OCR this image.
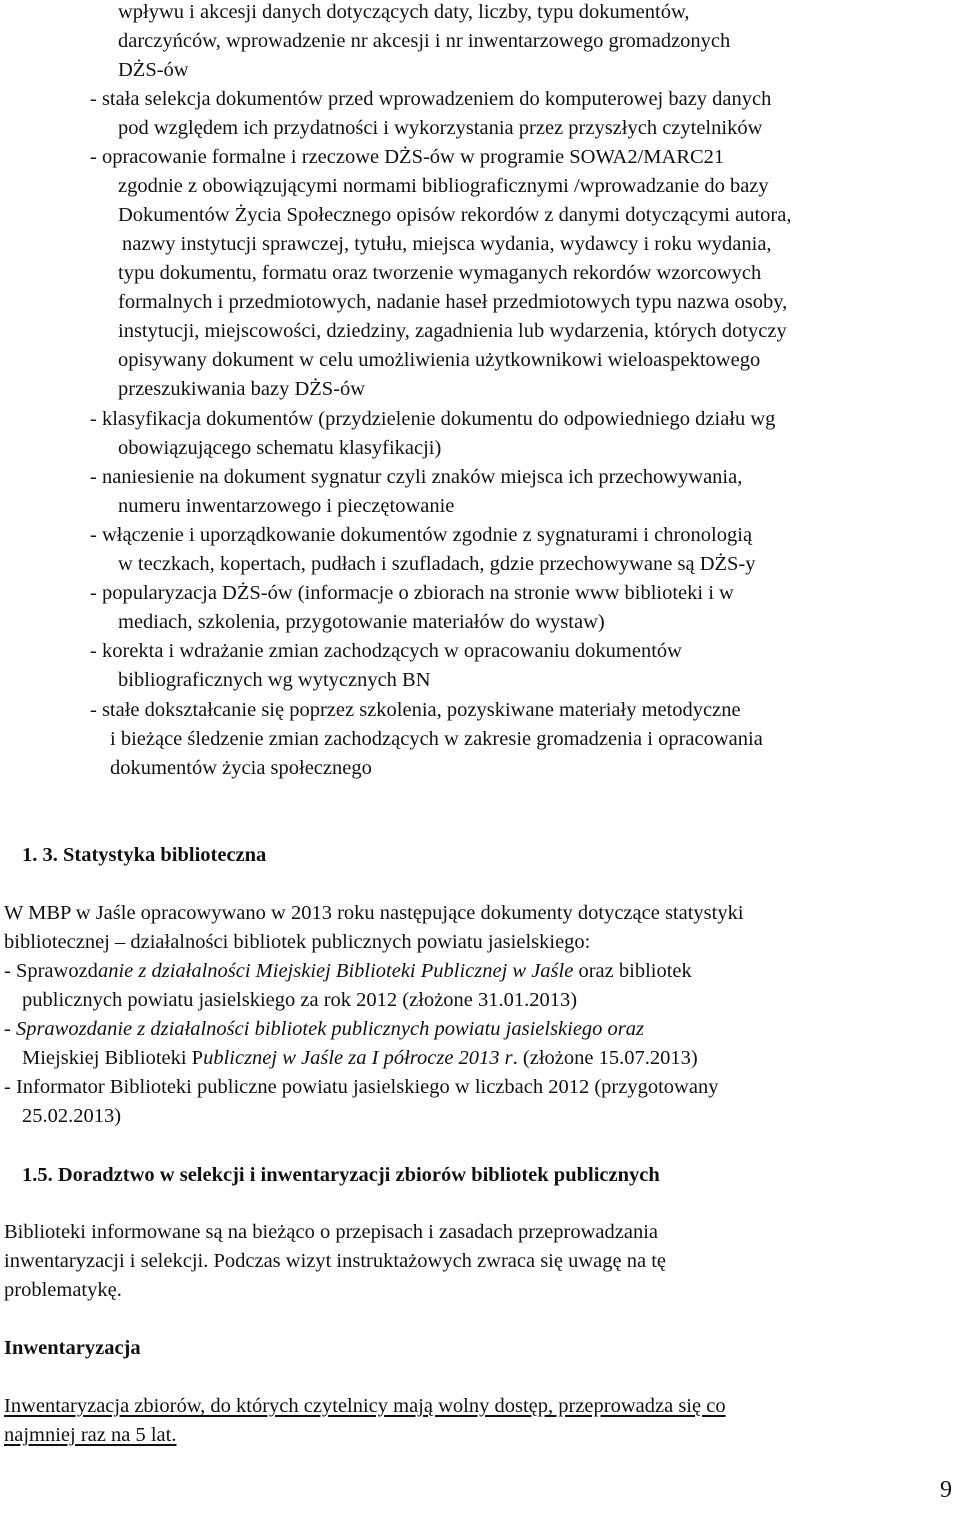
wpływu i akcesji danych dotyczących daty, liczby, typu dokumentów,

darczyńców, wprowadzenie nr akcesji i nr inwentarzowego gromadzonych

DŻS-ów

- stała selekcja dokumentów przed wprowadzeniem do komputerowej bazy danych

pod względem ich przydatności i wykorzystania przez przyszłych czytelników

- opracowanie formalne i rzeczowe DŻS-ów w programie SOWA2/MARC21

zgodnie z obowiązującymi normami bibliograficznymi /wprowadzanie do bazy

Dokumentów Życia Społecznego opisów rekordów z danymi dotyczącymi autora,

nazwy instytucji sprawczej, tytułu, miejsca wydania, wydawcy i roku wydania,

typu dokumentu, formatu oraz tworzenie wymaganych rekordów wzorcowych

formalnych i przedmiotowych, nadanie haseł przedmiotowych typu nazwa osoby,

instytucji, miejscowości, dziedziny, zagadnienia lub wydarzenia, których dotyczy

opisywany dokument w celu umożliwienia użytkownikowi wieloaspektowego

przeszukiwania bazy DŻS-ów

- klasyfikacja dokumentów (przydzielenie dokumentu do odpowiedniego działu wg

obowiązującego schematu klasyfikacji)

- naniesienie na dokument sygnatur czyli znaków miejsca ich przechowywania,

numeru inwentarzowego i pieczętowanie

- włączenie i uporządkowanie dokumentów zgodnie z sygnaturami i chronologią

w teczkach, kopertach, pudłach i szufladach, gdzie przechowywane są DŻS-y

- popularyzacja DŻS-ów (informacje o zbiorach na stronie www biblioteki i w

mediach, szkolenia, przygotowanie materiałów do wystaw)

- korekta i wdrażanie zmian zachodzących w opracowaniu dokumentów

bibliograficznych wg wytycznych BN

- stałe dokształcanie się poprzez szkolenia, pozyskiwane materiały metodyczne

i bieżące śledzenie zmian zachodzących w zakresie gromadzenia i opracowania

dokumentów życia społecznego

1. 3. Statystyka biblioteczna

W MBP w Jaśle opracowywano w 2013 roku następujące dokumenty dotyczące statystyki

bibliotecznej – działalności bibliotek publicznych powiatu jasielskiego:

- Sprawozdanie z działalności Miejskiej Biblioteki Publicznej w Jaśle oraz bibliotek

publicznych powiatu jasielskiego za rok 2012 (złożone 31.01.2013)

- Sprawozdanie z działalności bibliotek publicznych powiatu jasielskiego oraz

Miejskiej Biblioteki Publicznej w Jaśle za I półrocze 2013 r. (złożone 15.07.2013)

- Informator Biblioteki publiczne powiatu jasielskiego w liczbach 2012 (przygotowany

25.02.2013)

1.5. Doradztwo w selekcji i inwentaryzacji zbiorów bibliotek publicznych

Biblioteki informowane są na bieżąco o przepisach i zasadach przeprowadzania

inwentaryzacji i selekcji. Podczas wizyt instruktażowych zwraca się uwagę na tę

problematykę.

Inwentaryzacja

Inwentaryzacja zbiorów, do których czytelnicy mają wolny dostęp, przeprowadza się co

najmniej raz na 5 lat.

9
